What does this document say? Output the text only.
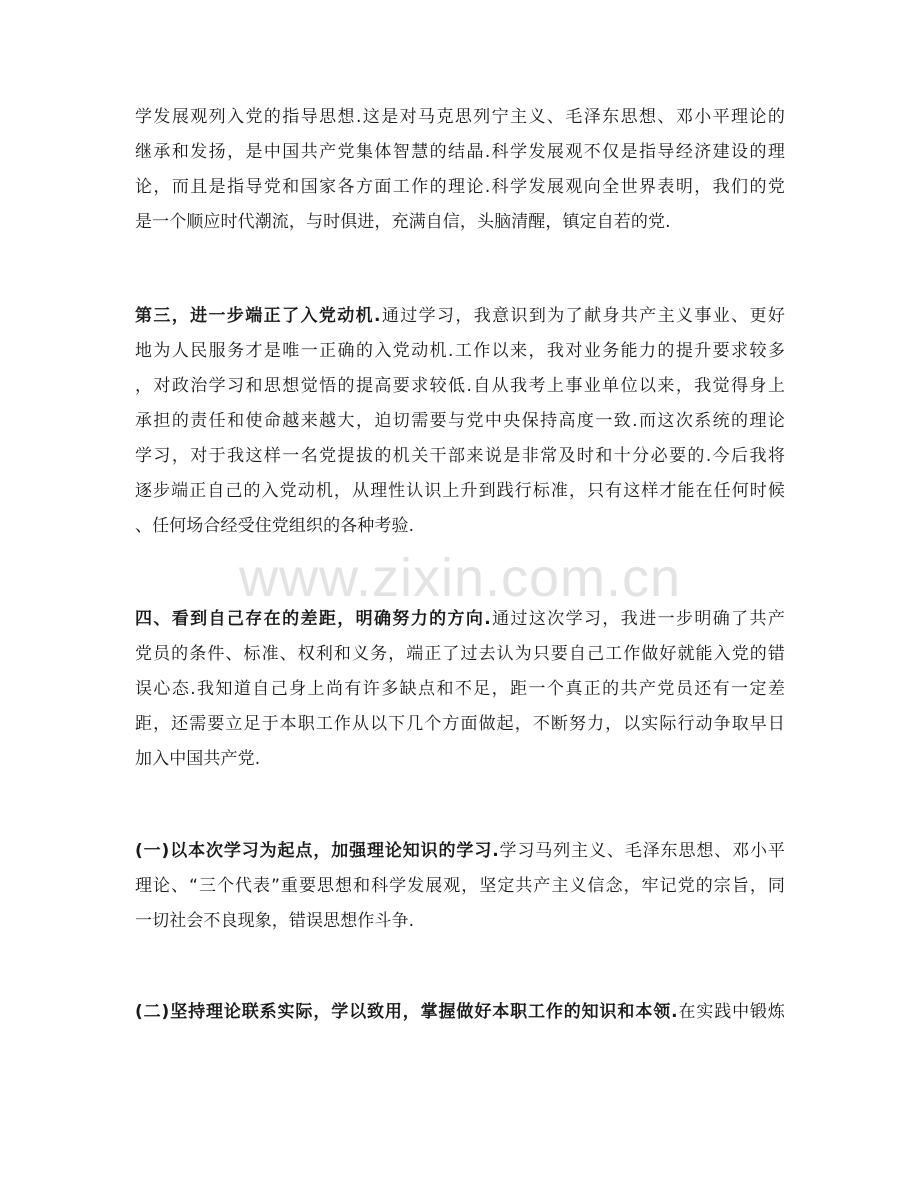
学发展观列入党的指导思想.这是对马克思列宁主义、毛泽东思想、邓小平理论的
继承和发扬，是中国共产党集体智慧的结晶.科学发展观不仅是指导经济建设的理
论，而且是指导党和国家各方面工作的理论.科学发展观向全世界表明，我们的党
是一个顺应时代潮流，与时俱进，充满自信，头脑清醒，镇定自若的党.
第三，进一步端正了入党动机.通过学习，我意识到为了献身共产主义事业、更好
地为人民服务才是唯一正确的入党动机.工作以来，我对业务能力的提升要求较多
，对政治学习和思想觉悟的提高要求较低.自从我考上事业单位以来，我觉得身上
承担的责任和使命越来越大，迫切需要与党中央保持高度一致.而这次系统的理论
学习，对于我这样一名党提拔的机关干部来说是非常及时和十分必要的.今后我将
逐步端正自己的入党动机，从理性认识上升到践行标准，只有这样才能在任何时候
、任何场合经受住党组织的各种考验.
www.zixin.com.cn
四、看到自己存在的差距，明确努力的方向.通过这次学习，我进一步明确了共产
党员的条件、标准、权利和义务，端正了过去认为只要自己工作做好就能入党的错
误心态.我知道自己身上尚有许多缺点和不足，距一个真正的共产党员还有一定差
距，还需要立足于本职工作从以下几个方面做起，不断努力，以实际行动争取早日
加入中国共产党.
(一)以本次学习为起点，加强理论知识的学习.学习马列主义、毛泽东思想、邓小平
理论、“三个代表”重要思想和科学发展观，坚定共产主义信念，牢记党的宗旨，同
一切社会不良现象，错误思想作斗争.
(二)坚持理论联系实际，学以致用，掌握做好本职工作的知识和本领.在实践中锻炼
